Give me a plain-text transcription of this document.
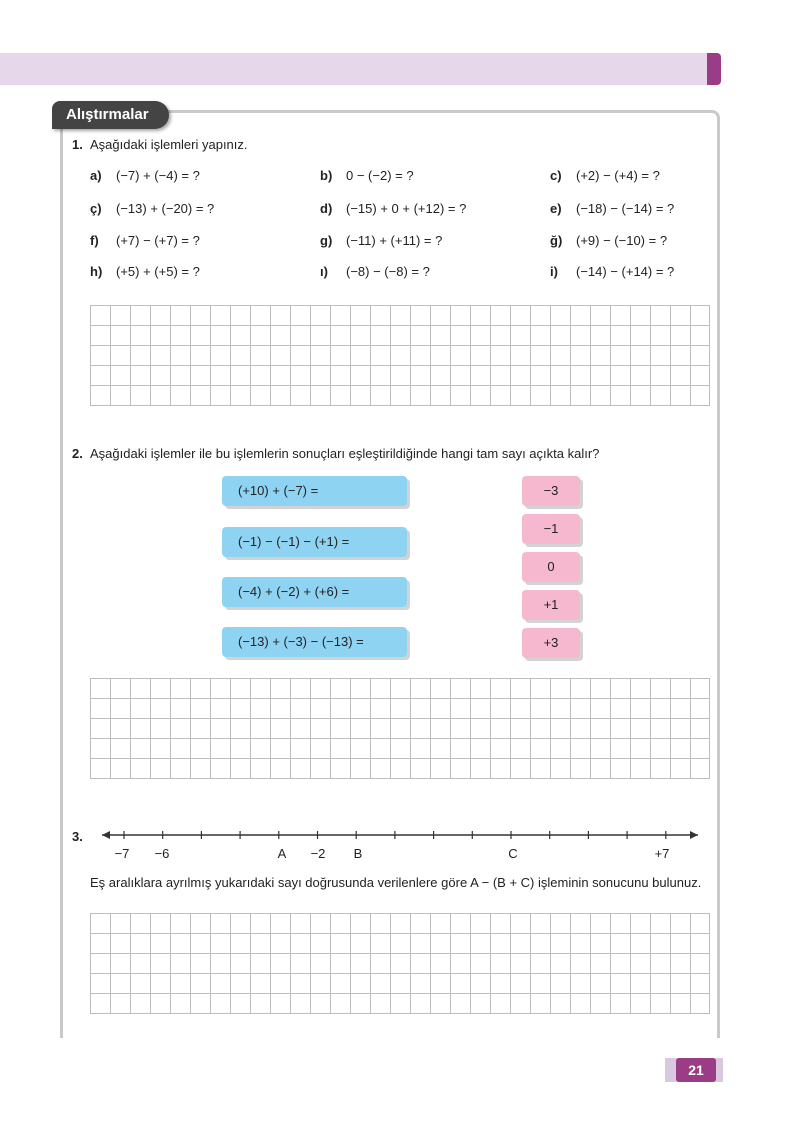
Alıştırmalar
1. Aşağıdaki işlemleri yapınız.
a) (−7) + (−4) = ?	b) 0 − (−2) = ?	c) (+2) − (+4) = ?
ç) (−13) + (−20) = ?	d) (−15) + 0 + (+12) = ?	e) (−18) − (−14) = ?
f) (+7) − (+7) = ?	g) (−11) + (+11) = ?	ğ) (+9) − (−10) = ?
h) (+5) + (+5) = ?	ı) (−8) − (−8) = ?	i) (−14) − (+14) = ?
2. Aşağıdaki işlemler ile bu işlemlerin sonuçları eşleştirildiğinde hangi tam sayı açıkta kalır?
(+10) + (−7) =
(−1) − (−1) − (+1) =
(−4) + (−2) + (+6) =
(−13) + (−3) − (−13) =
−3
−1
0
+1
+3
3.
−7 −6	A −2 B	C	+7
Eş aralıklara ayrılmış yukarıdaki sayı doğrusunda verilenlere göre A − (B + C) işleminin sonucunu bulunuz.
21
